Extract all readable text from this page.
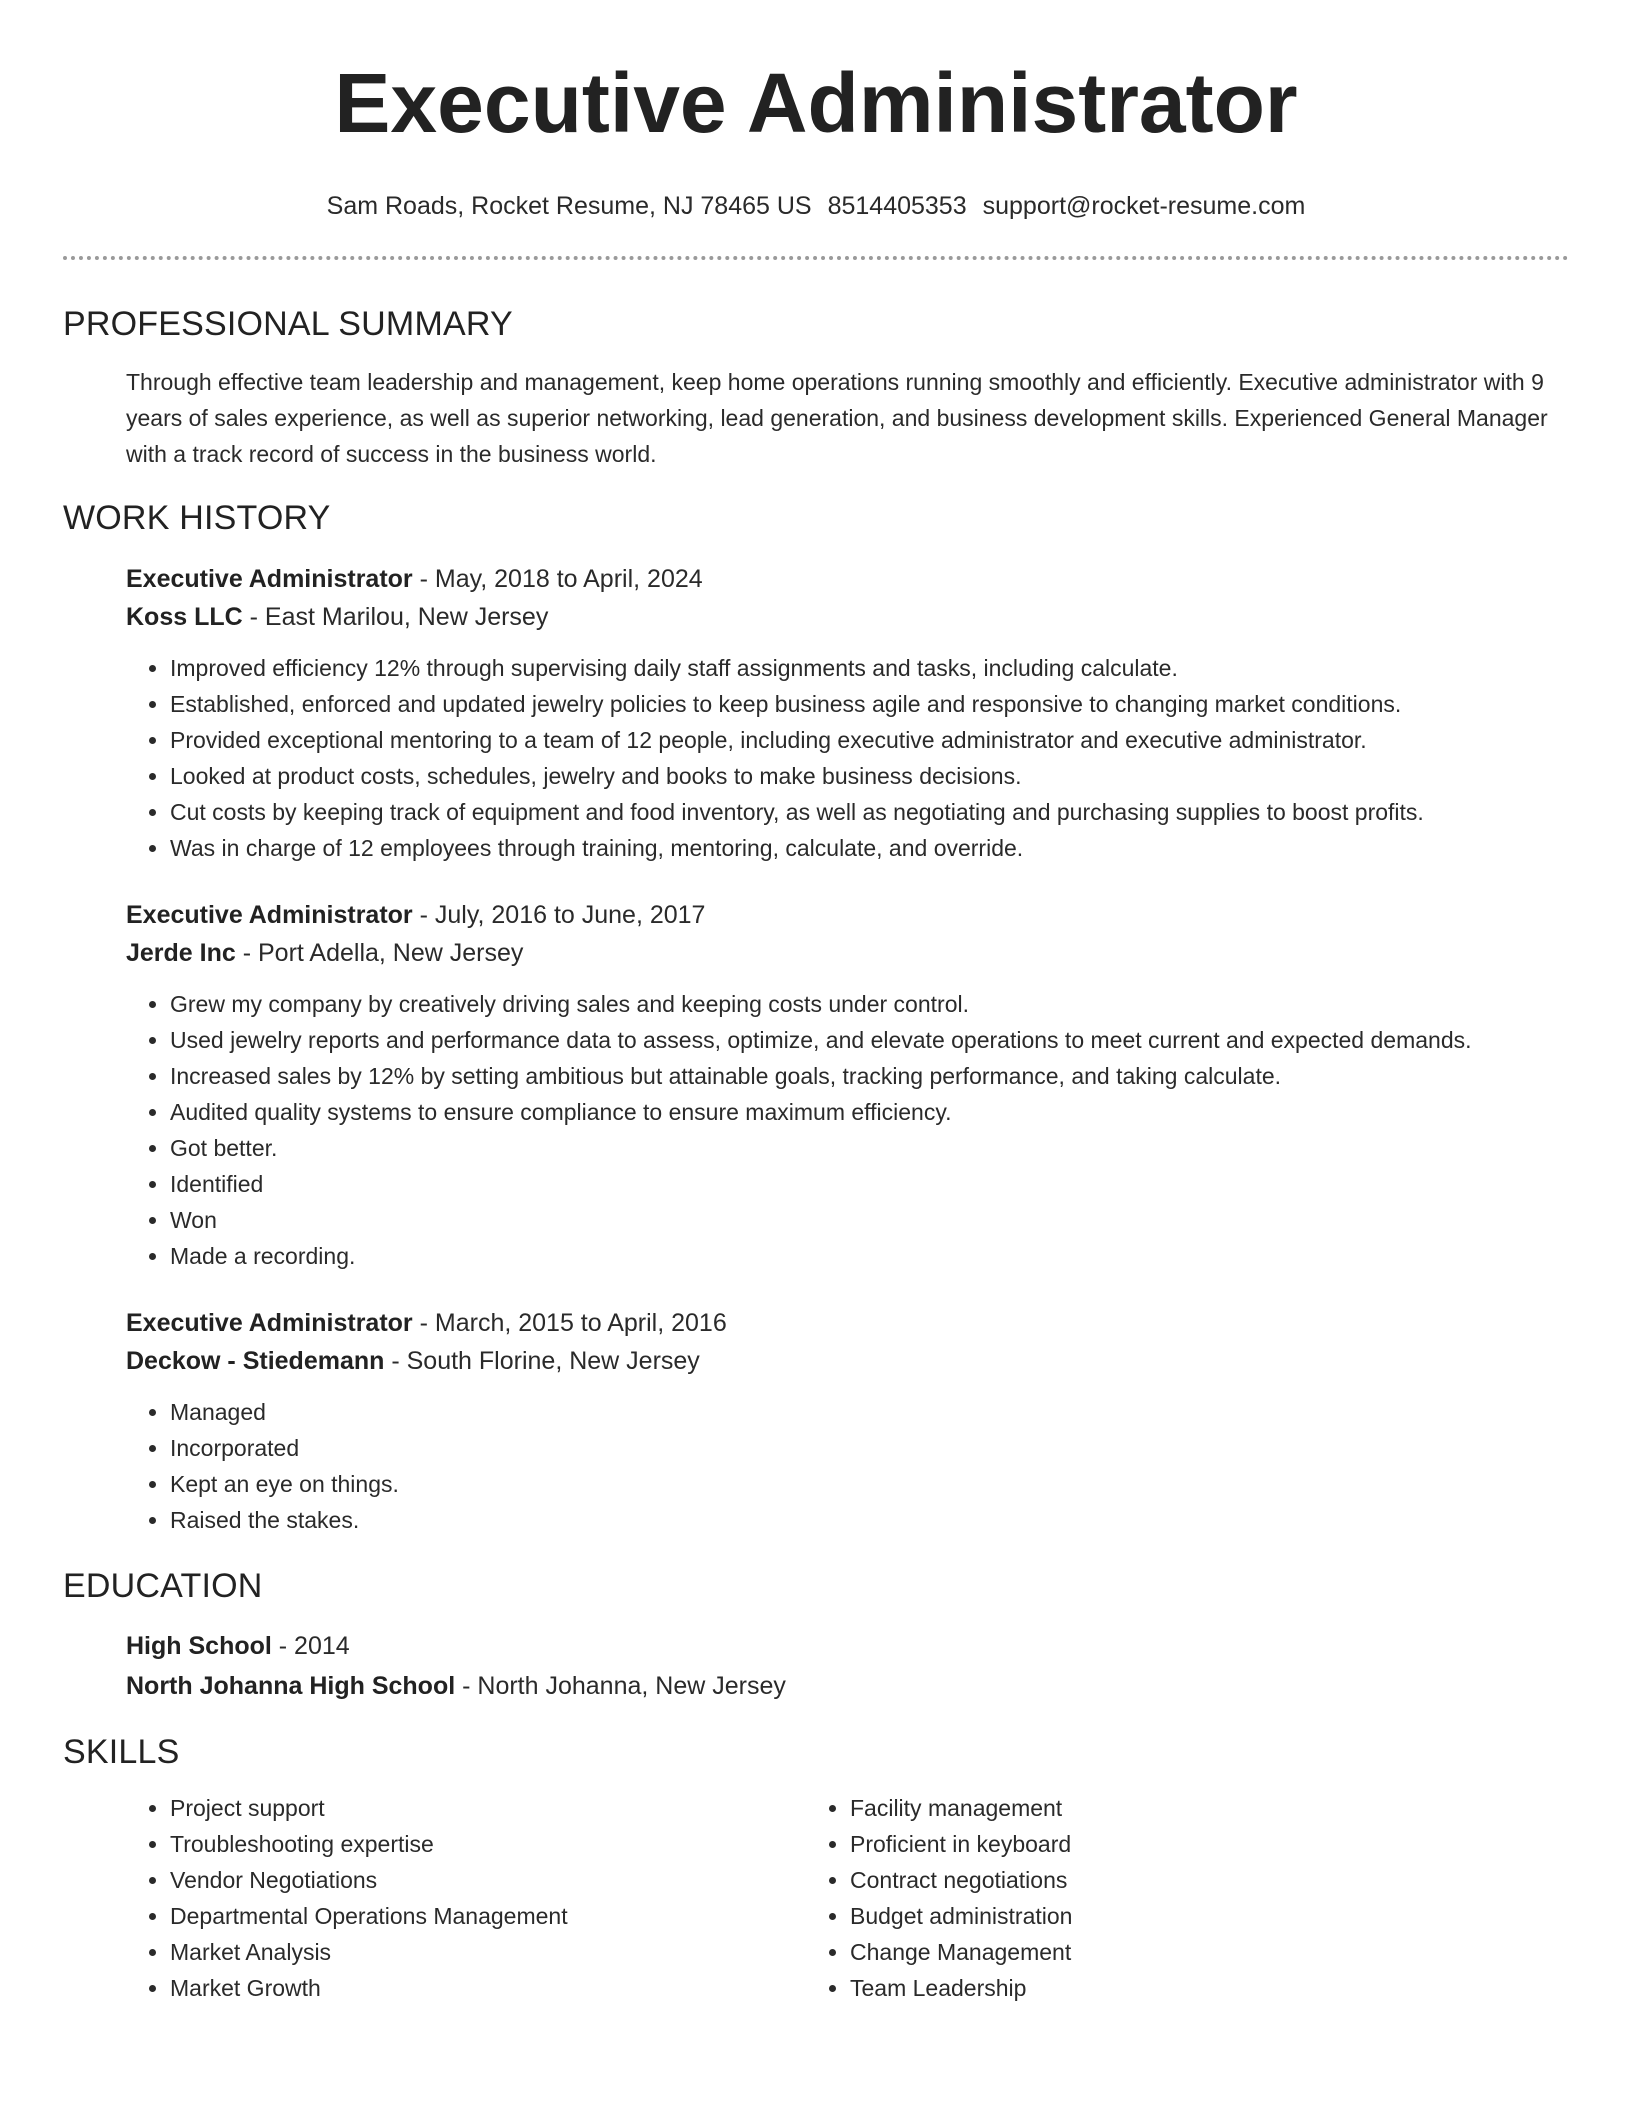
Executive Administrator
Sam Roads, Rocket Resume, NJ 78465 US 8514405353 support@rocket-resume.com
PROFESSIONAL SUMMARY
Through effective team leadership and management, keep home operations running smoothly and efficiently. Executive administrator with 9 years of sales experience, as well as superior networking, lead generation, and business development skills. Experienced General Manager with a track record of success in the business world.
WORK HISTORY
Executive Administrator - May, 2018 to April, 2024
Koss LLC - East Marilou, New Jersey
• Improved efficiency 12% through supervising daily staff assignments and tasks, including calculate.
• Established, enforced and updated jewelry policies to keep business agile and responsive to changing market conditions.
• Provided exceptional mentoring to a team of 12 people, including executive administrator and executive administrator.
• Looked at product costs, schedules, jewelry and books to make business decisions.
• Cut costs by keeping track of equipment and food inventory, as well as negotiating and purchasing supplies to boost profits.
• Was in charge of 12 employees through training, mentoring, calculate, and override.
Executive Administrator - July, 2016 to June, 2017
Jerde Inc - Port Adella, New Jersey
• Grew my company by creatively driving sales and keeping costs under control.
• Used jewelry reports and performance data to assess, optimize, and elevate operations to meet current and expected demands.
• Increased sales by 12% by setting ambitious but attainable goals, tracking performance, and taking calculate.
• Audited quality systems to ensure compliance to ensure maximum efficiency.
• Got better.
• Identified
• Won
• Made a recording.
Executive Administrator - March, 2015 to April, 2016
Deckow - Stiedemann - South Florine, New Jersey
• Managed
• Incorporated
• Kept an eye on things.
• Raised the stakes.
EDUCATION
High School - 2014
North Johanna High School - North Johanna, New Jersey
SKILLS
• Project support
• Troubleshooting expertise
• Vendor Negotiations
• Departmental Operations Management
• Market Analysis
• Market Growth
• Facility management
• Proficient in keyboard
• Contract negotiations
• Budget administration
• Change Management
• Team Leadership
